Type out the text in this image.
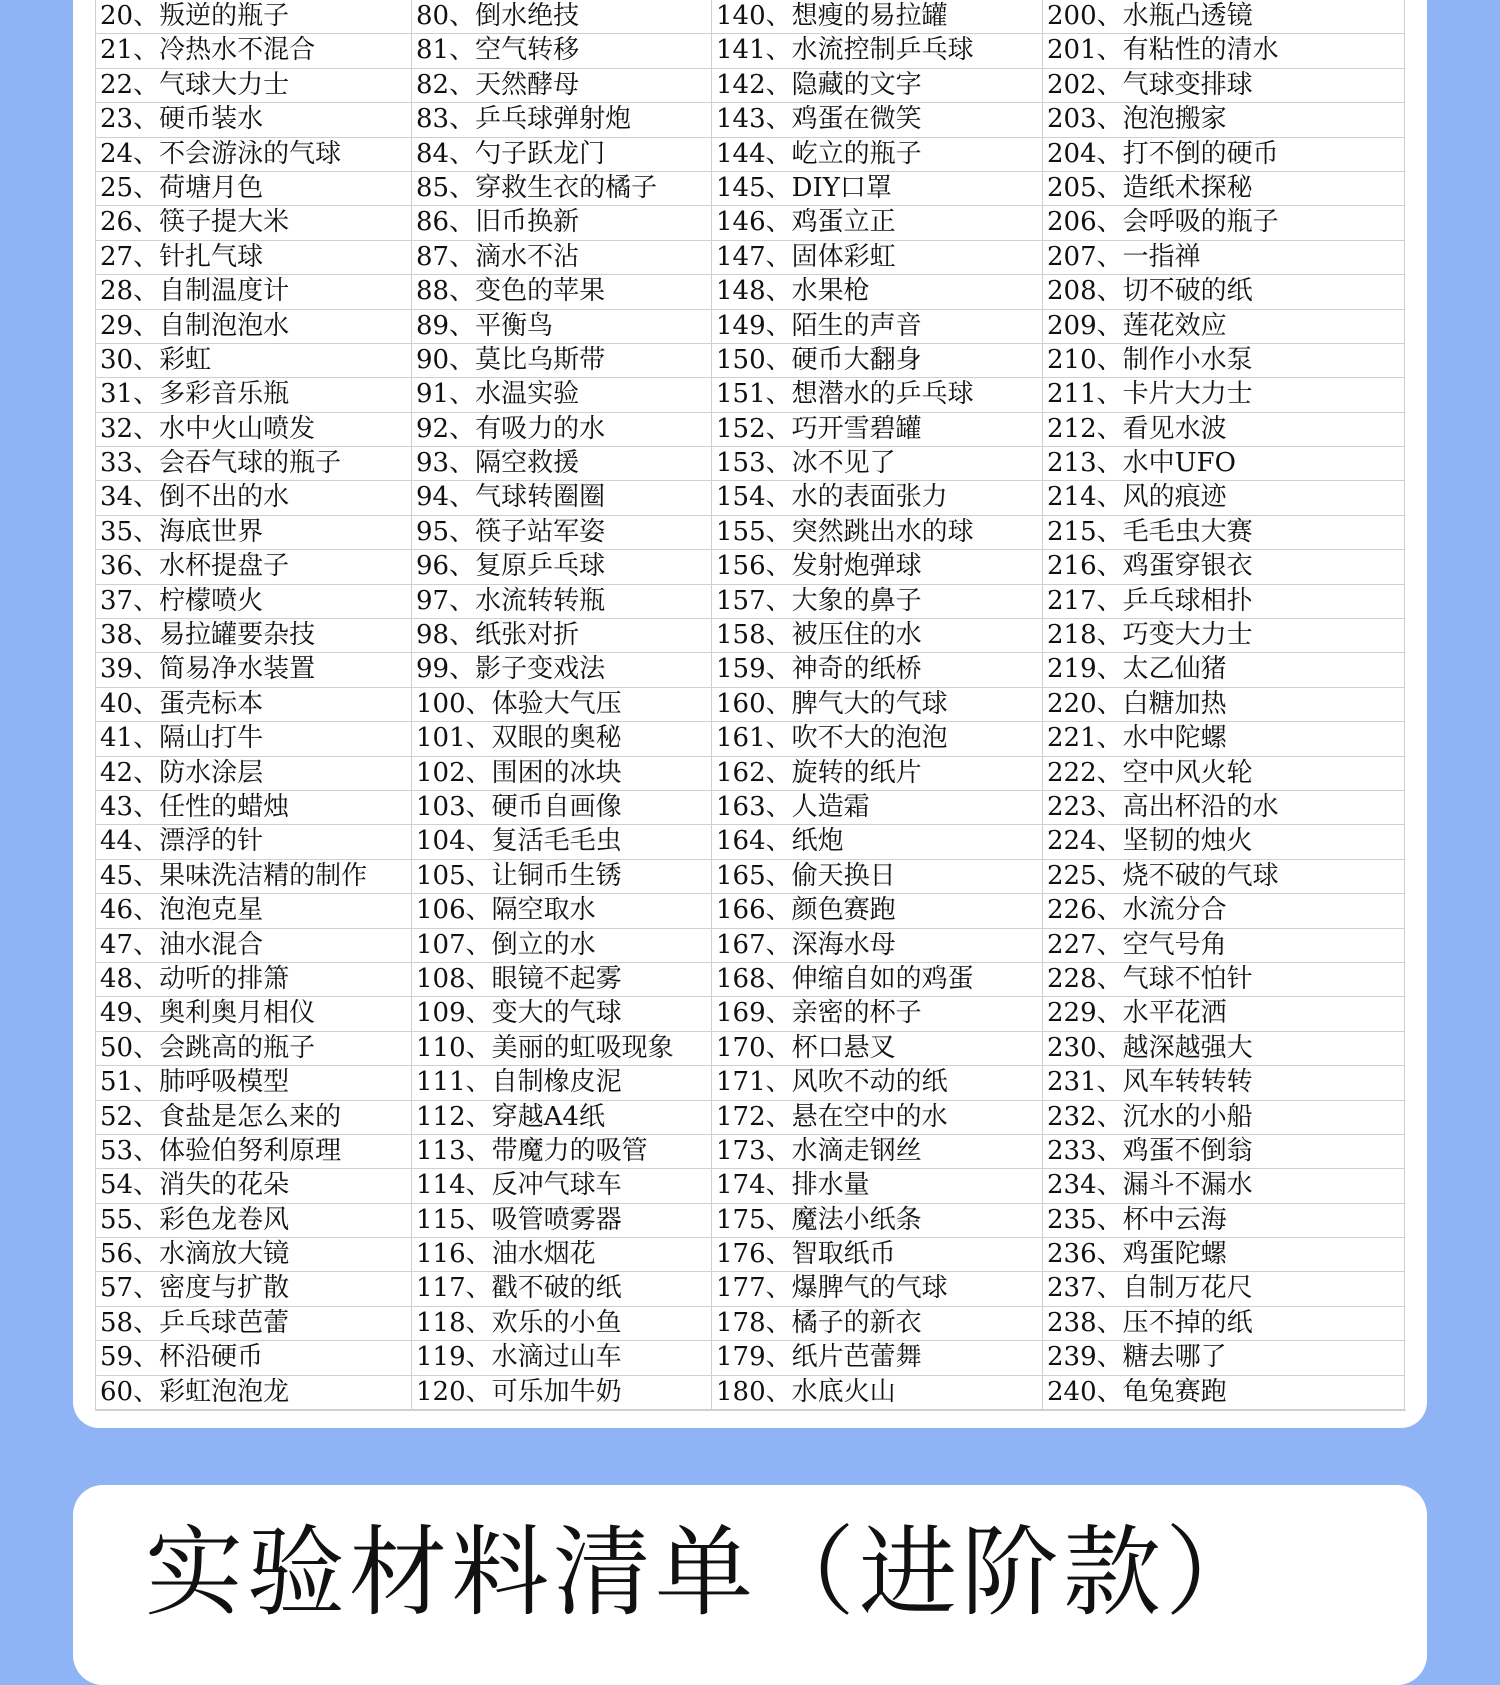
20、叛逆的瓶子	80、倒水绝技	140、想瘦的易拉罐	200、水瓶凸透镜
21、冷热水不混合	81、空气转移	141、水流控制乒乓球	201、有粘性的清水
22、气球大力士	82、天然酵母	142、隐藏的文字	202、气球变排球
23、硬币装水	83、乒乓球弹射炮	143、鸡蛋在微笑	203、泡泡搬家
24、不会游泳的气球	84、勺子跃龙门	144、屹立的瓶子	204、打不倒的硬币
25、荷塘月色	85、穿救生衣的橘子	145、DIY口罩	205、造纸术探秘
26、筷子提大米	86、旧币换新	146、鸡蛋立正	206、会呼吸的瓶子
27、针扎气球	87、滴水不沾	147、固体彩虹	207、一指禅
28、自制温度计	88、变色的苹果	148、水果枪	208、切不破的纸
29、自制泡泡水	89、平衡鸟	149、陌生的声音	209、莲花效应
30、彩虹	90、莫比乌斯带	150、硬币大翻身	210、制作小水泵
31、多彩音乐瓶	91、水温实验	151、想潜水的乒乓球	211、卡片大力士
32、水中火山喷发	92、有吸力的水	152、巧开雪碧罐	212、看见水波
33、会吞气球的瓶子	93、隔空救援	153、冰不见了	213、水中UFO
34、倒不出的水	94、气球转圈圈	154、水的表面张力	214、风的痕迹
35、海底世界	95、筷子站军姿	155、突然跳出水的球	215、毛毛虫大赛
36、水杯提盘子	96、复原乒乓球	156、发射炮弹球	216、鸡蛋穿银衣
37、柠檬喷火	97、水流转转瓶	157、大象的鼻子	217、乒乓球相扑
38、易拉罐要杂技	98、纸张对折	158、被压住的水	218、巧变大力士
39、简易净水装置	99、影子变戏法	159、神奇的纸桥	219、太乙仙猪
40、蛋壳标本	100、体验大气压	160、脾气大的气球	220、白糖加热
41、隔山打牛	101、双眼的奥秘	161、吹不大的泡泡	221、水中陀螺
42、防水涂层	102、围困的冰块	162、旋转的纸片	222、空中风火轮
43、任性的蜡烛	103、硬币自画像	163、人造霜	223、高出杯沿的水
44、漂浮的针	104、复活毛毛虫	164、纸炮	224、坚韧的烛火
45、果味洗洁精的制作	105、让铜币生锈	165、偷天换日	225、烧不破的气球
46、泡泡克星	106、隔空取水	166、颜色赛跑	226、水流分合
47、油水混合	107、倒立的水	167、深海水母	227、空气号角
48、动听的排箫	108、眼镜不起雾	168、伸缩自如的鸡蛋	228、气球不怕针
49、奥利奥月相仪	109、变大的气球	169、亲密的杯子	229、水平花洒
50、会跳高的瓶子	110、美丽的虹吸现象	170、杯口悬叉	230、越深越强大
51、肺呼吸模型	111、自制橡皮泥	171、风吹不动的纸	231、风车转转转
52、食盐是怎么来的	112、穿越A4纸	172、悬在空中的水	232、沉水的小船
53、体验伯努利原理	113、带魔力的吸管	173、水滴走钢丝	233、鸡蛋不倒翁
54、消失的花朵	114、反冲气球车	174、排水量	234、漏斗不漏水
55、彩色龙卷风	115、吸管喷雾器	175、魔法小纸条	235、杯中云海
56、水滴放大镜	116、油水烟花	176、智取纸币	236、鸡蛋陀螺
57、密度与扩散	117、戳不破的纸	177、爆脾气的气球	237、自制万花尺
58、乒乓球芭蕾	118、欢乐的小鱼	178、橘子的新衣	238、压不掉的纸
59、杯沿硬币	119、水滴过山车	179、纸片芭蕾舞	239、糖去哪了
60、彩虹泡泡龙	120、可乐加牛奶	180、水底火山	240、龟兔赛跑
实验材料清单（进阶款）
